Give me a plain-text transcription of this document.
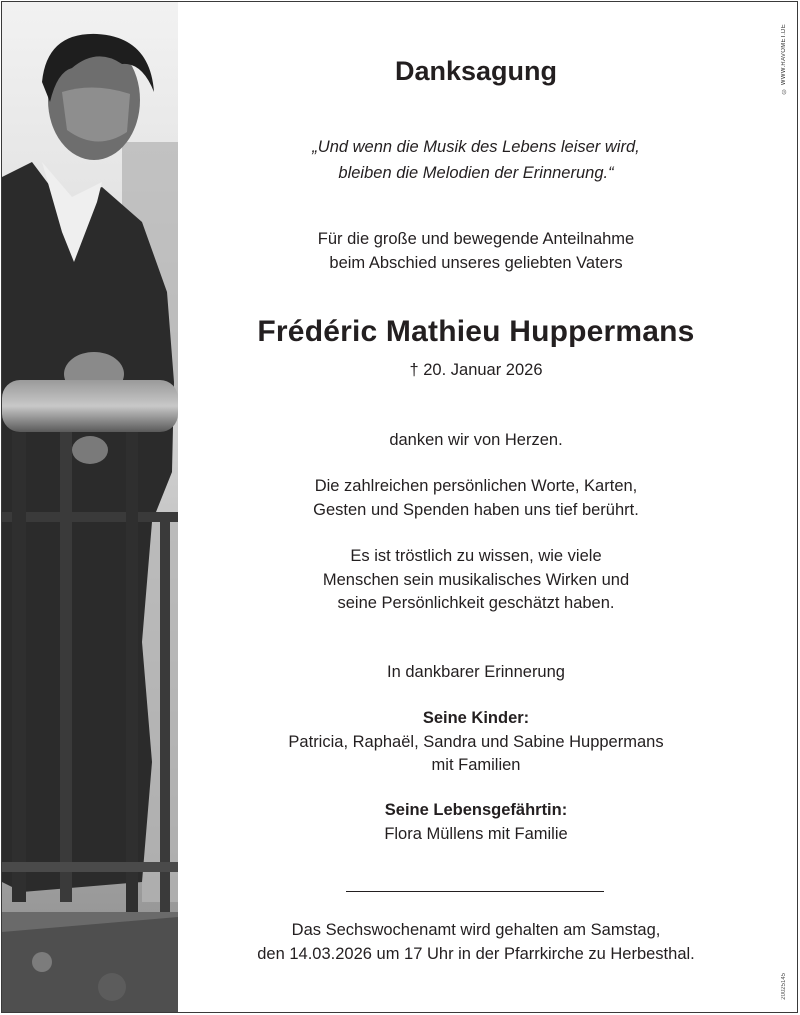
© WWW.RAVOMET.DE
20025145
Danksagung
„Und wenn die Musik des Lebens leiser wird,
bleiben die Melodien der Erinnerung.“
Für die große und bewegende Anteilnahme
beim Abschied unseres geliebten Vaters
Frédéric Mathieu Huppermans
† 20. Januar 2026
danken wir von Herzen.
Die zahlreichen persönlichen Worte, Karten,
Gesten und Spenden haben uns tief berührt.
Es ist tröstlich zu wissen, wie viele
Menschen sein musikalisches Wirken und
seine Persönlichkeit geschätzt haben.
In dankbarer Erinnerung
Seine Kinder:
Patricia, Raphaël, Sandra und Sabine Huppermans
mit Familien
Seine Lebensgefährtin:
Flora Müllens mit Familie
Das Sechswochenamt wird gehalten am Samstag,
den 14.03.2026 um 17 Uhr in der Pfarrkirche zu Herbesthal.
